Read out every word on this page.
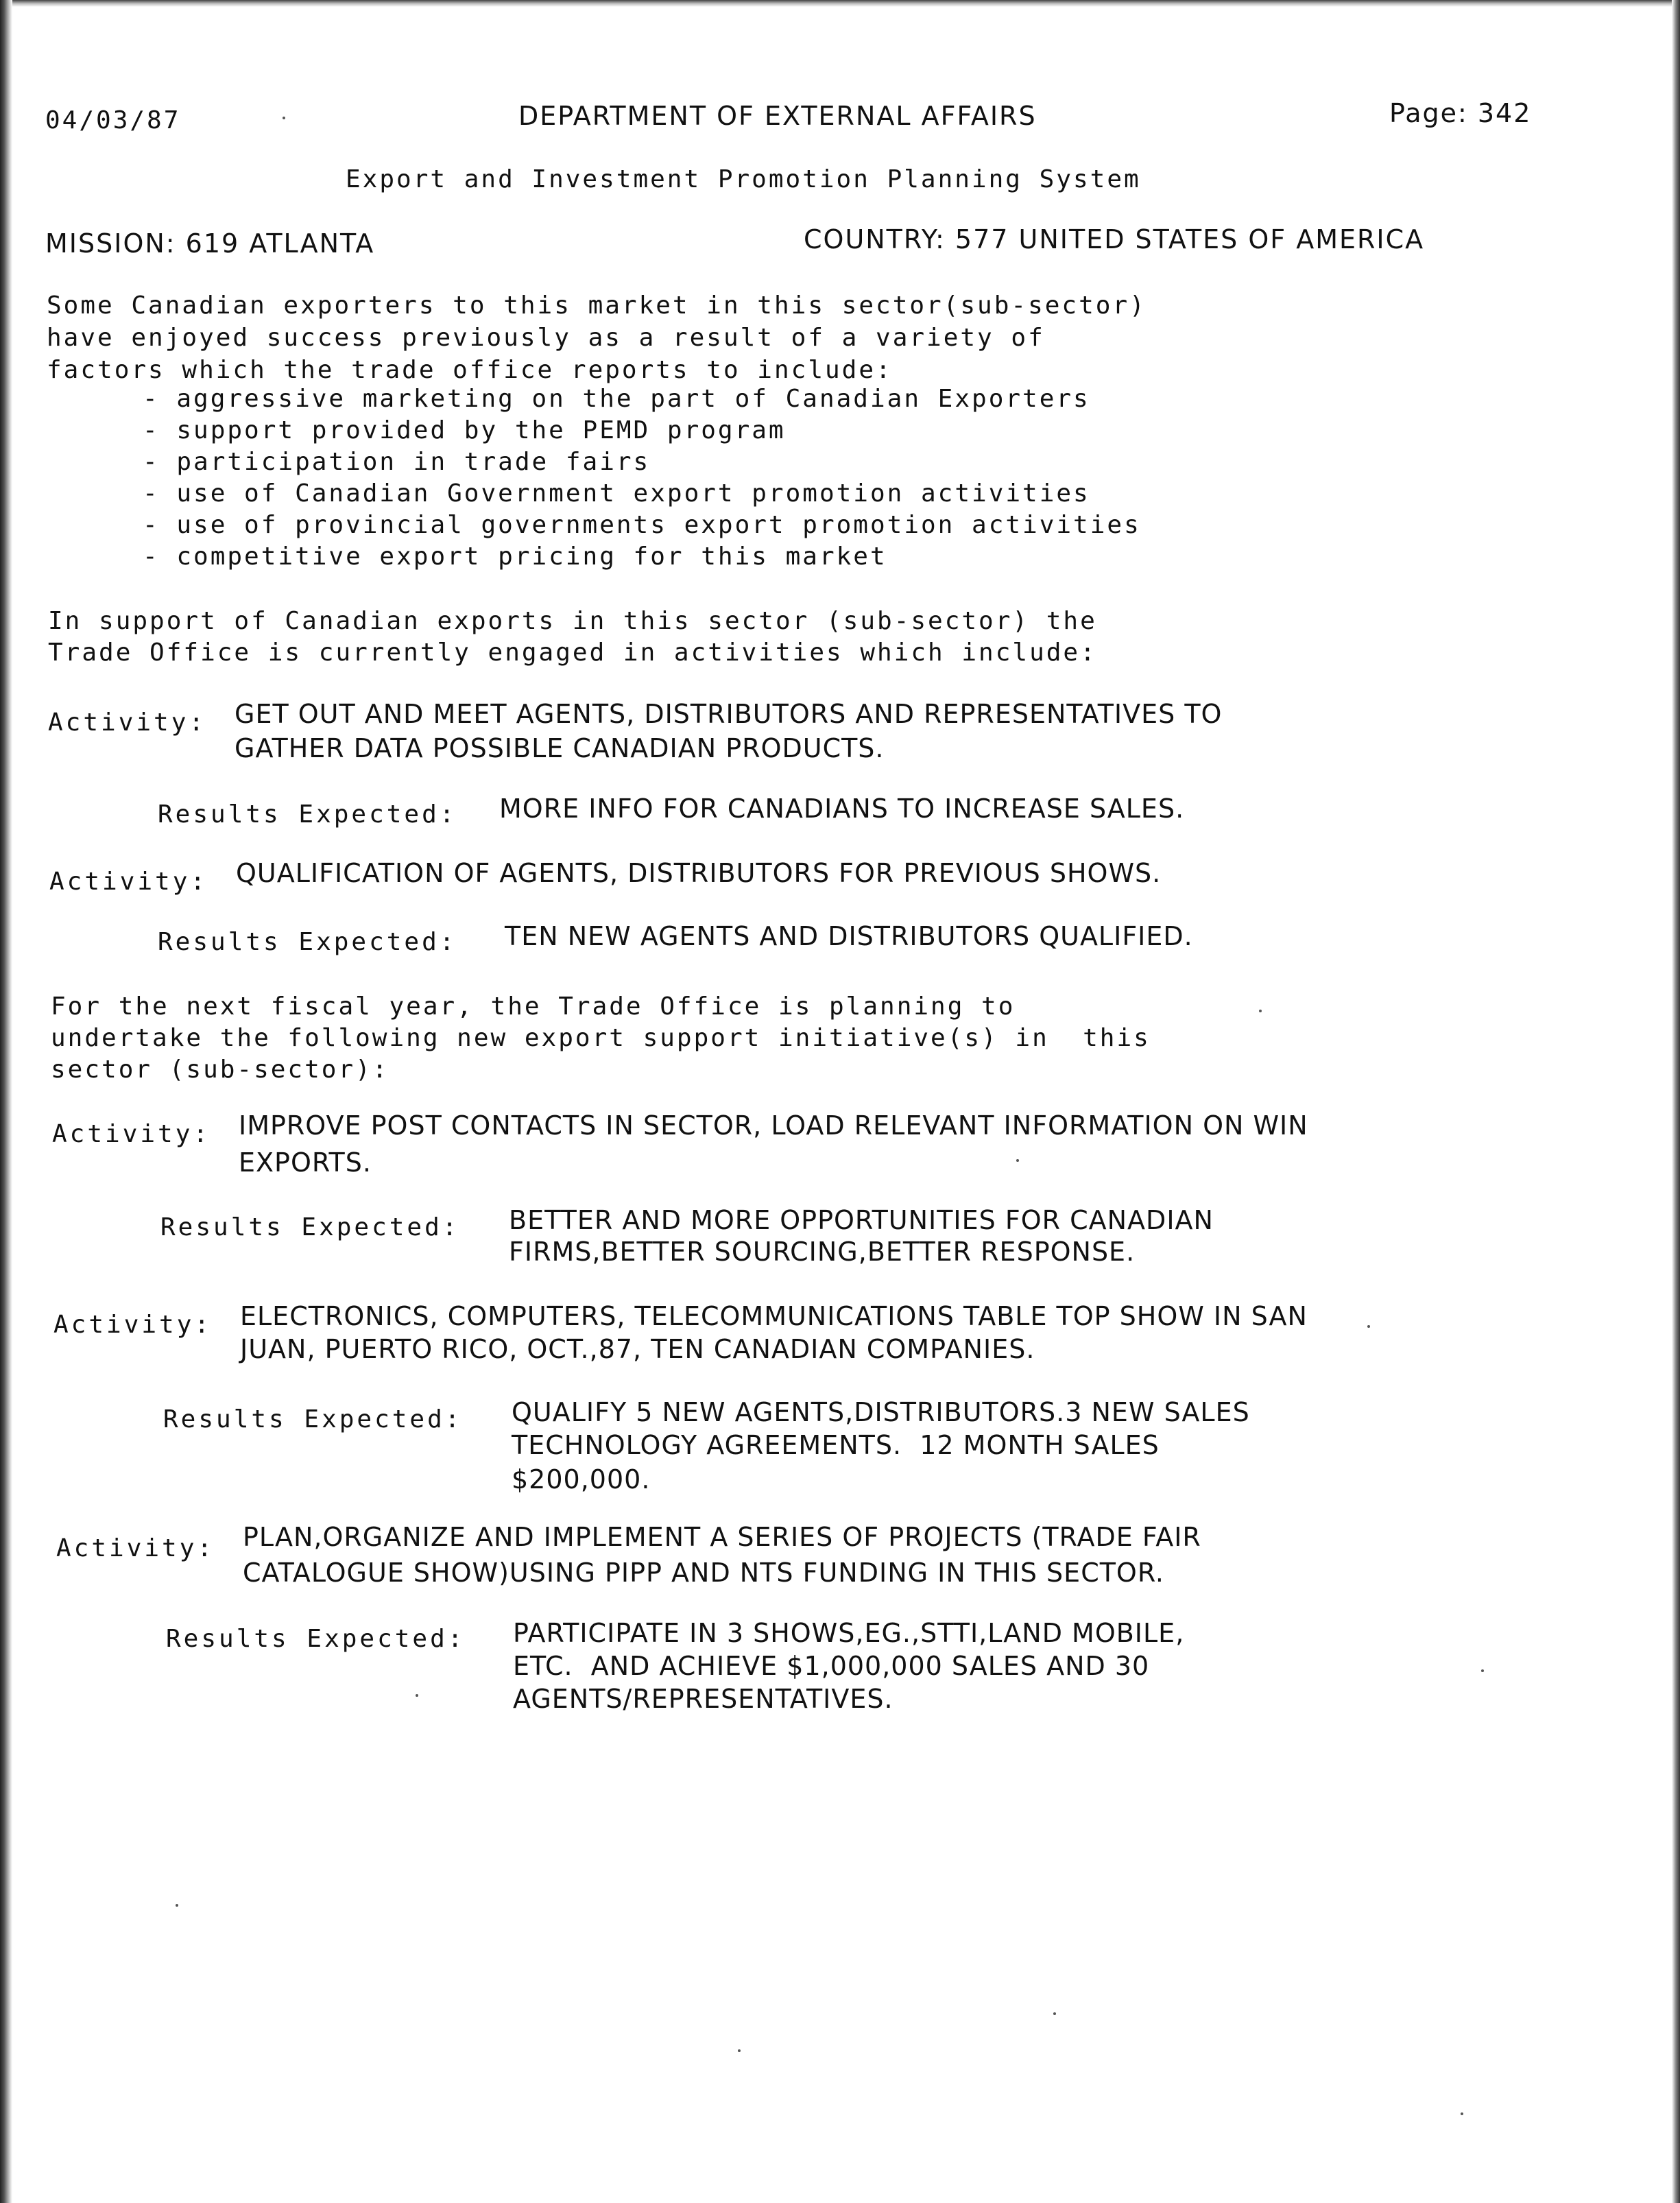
04/03/87	DEPARTMENT OF EXTERNAL AFFAIRS	Page: 342
Export and Investment Promotion Planning System
MISSION: 619 ATLANTA	COUNTRY: 577 UNITED STATES OF AMERICA
Some Canadian exporters to this market in this sector(sub-sector)
have enjoyed success previously as a result of a variety of
factors which the trade office reports to include:
- aggressive marketing on the part of Canadian Exporters
- support provided by the PEMD program
- participation in trade fairs
- use of Canadian Government export promotion activities
- use of provincial governments export promotion activities
- competitive export pricing for this market
In support of Canadian exports in this sector (sub-sector) the
Trade Office is currently engaged in activities which include:
Activity: GET OUT AND MEET AGENTS, DISTRIBUTORS AND REPRESENTATIVES TO
GATHER DATA POSSIBLE CANADIAN PRODUCTS.
Results Expected: MORE INFO FOR CANADIANS TO INCREASE SALES.
Activity: QUALIFICATION OF AGENTS, DISTRIBUTORS FOR PREVIOUS SHOWS.
Results Expected: TEN NEW AGENTS AND DISTRIBUTORS QUALIFIED.
For the next fiscal year, the Trade Office is planning to
undertake the following new export support initiative(s) in  this
sector (sub-sector):
Activity: IMPROVE POST CONTACTS IN SECTOR, LOAD RELEVANT INFORMATION ON WIN
EXPORTS.
Results Expected: BETTER AND MORE OPPORTUNITIES FOR CANADIAN
FIRMS,BETTER SOURCING,BETTER RESPONSE.
Activity: ELECTRONICS, COMPUTERS, TELECOMMUNICATIONS TABLE TOP SHOW IN SAN
JUAN, PUERTO RICO, OCT.,87, TEN CANADIAN COMPANIES.
Results Expected: QUALIFY 5 NEW AGENTS,DISTRIBUTORS.3 NEW SALES
TECHNOLOGY AGREEMENTS.  12 MONTH SALES
$200,000.
Activity: PLAN,ORGANIZE AND IMPLEMENT A SERIES OF PROJECTS (TRADE FAIR
CATALOGUE SHOW)USING PIPP AND NTS FUNDING IN THIS SECTOR.
Results Expected: PARTICIPATE IN 3 SHOWS,EG.,STTI,LAND MOBILE,
ETC.  AND ACHIEVE $1,000,000 SALES AND 30
AGENTS/REPRESENTATIVES.
